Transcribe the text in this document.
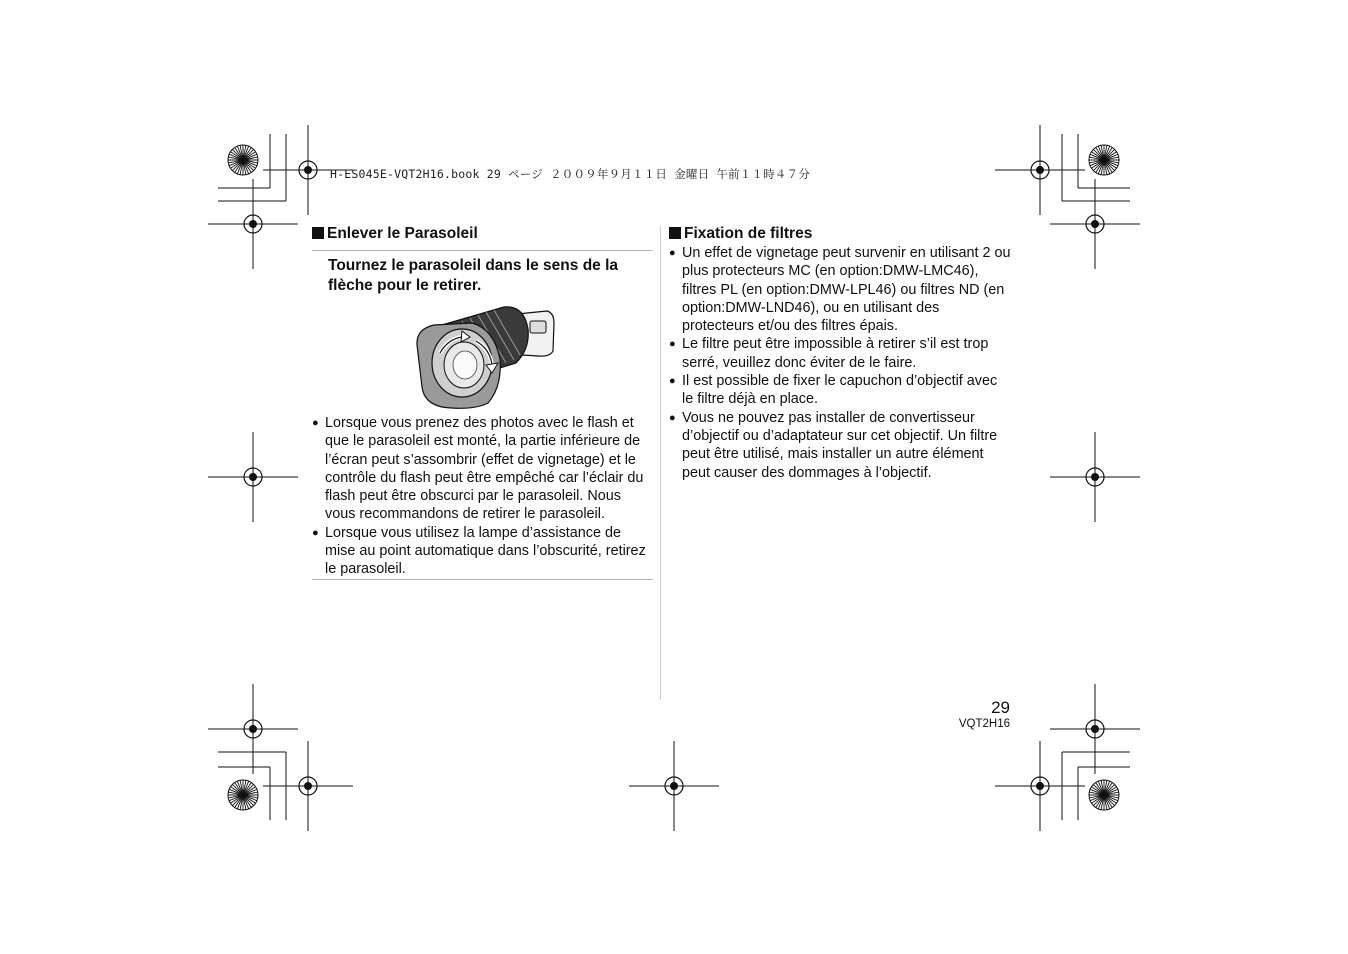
H-ES045E-VQT2H16.book 29 ページ ２００９年９月１１日 金曜日 午前１１時４７分
Enlever le Parasoleil
Tournez le parasoleil dans le sens de la flèche pour le retirer.
● Lorsque vous prenez des photos avec le flash et que le parasoleil est monté, la partie inférieure de l’écran peut s’assombrir (effet de vignetage) et le contrôle du flash peut être empêché car l’éclair du flash peut être obscurci par le parasoleil. Nous vous recommandons de retirer le parasoleil.
● Lorsque vous utilisez la lampe d’assistance de mise au point automatique dans l’obscurité, retirez le parasoleil.
Fixation de filtres
● Un effet de vignetage peut survenir en utilisant 2 ou plus protecteurs MC (en option:DMW-LMC46), filtres PL (en option:DMW-LPL46) ou filtres ND (en option:DMW-LND46), ou en utilisant des protecteurs et/ou des filtres épais.
● Le filtre peut être impossible à retirer s’il est trop serré, veuillez donc éviter de le faire.
● Il est possible de fixer le capuchon d’objectif avec le filtre déjà en place.
● Vous ne pouvez pas installer de convertisseur d’objectif ou d’adaptateur sur cet objectif. Un filtre peut être utilisé, mais installer un autre élément peut causer des dommages à l’objectif.
29
VQT2H16
